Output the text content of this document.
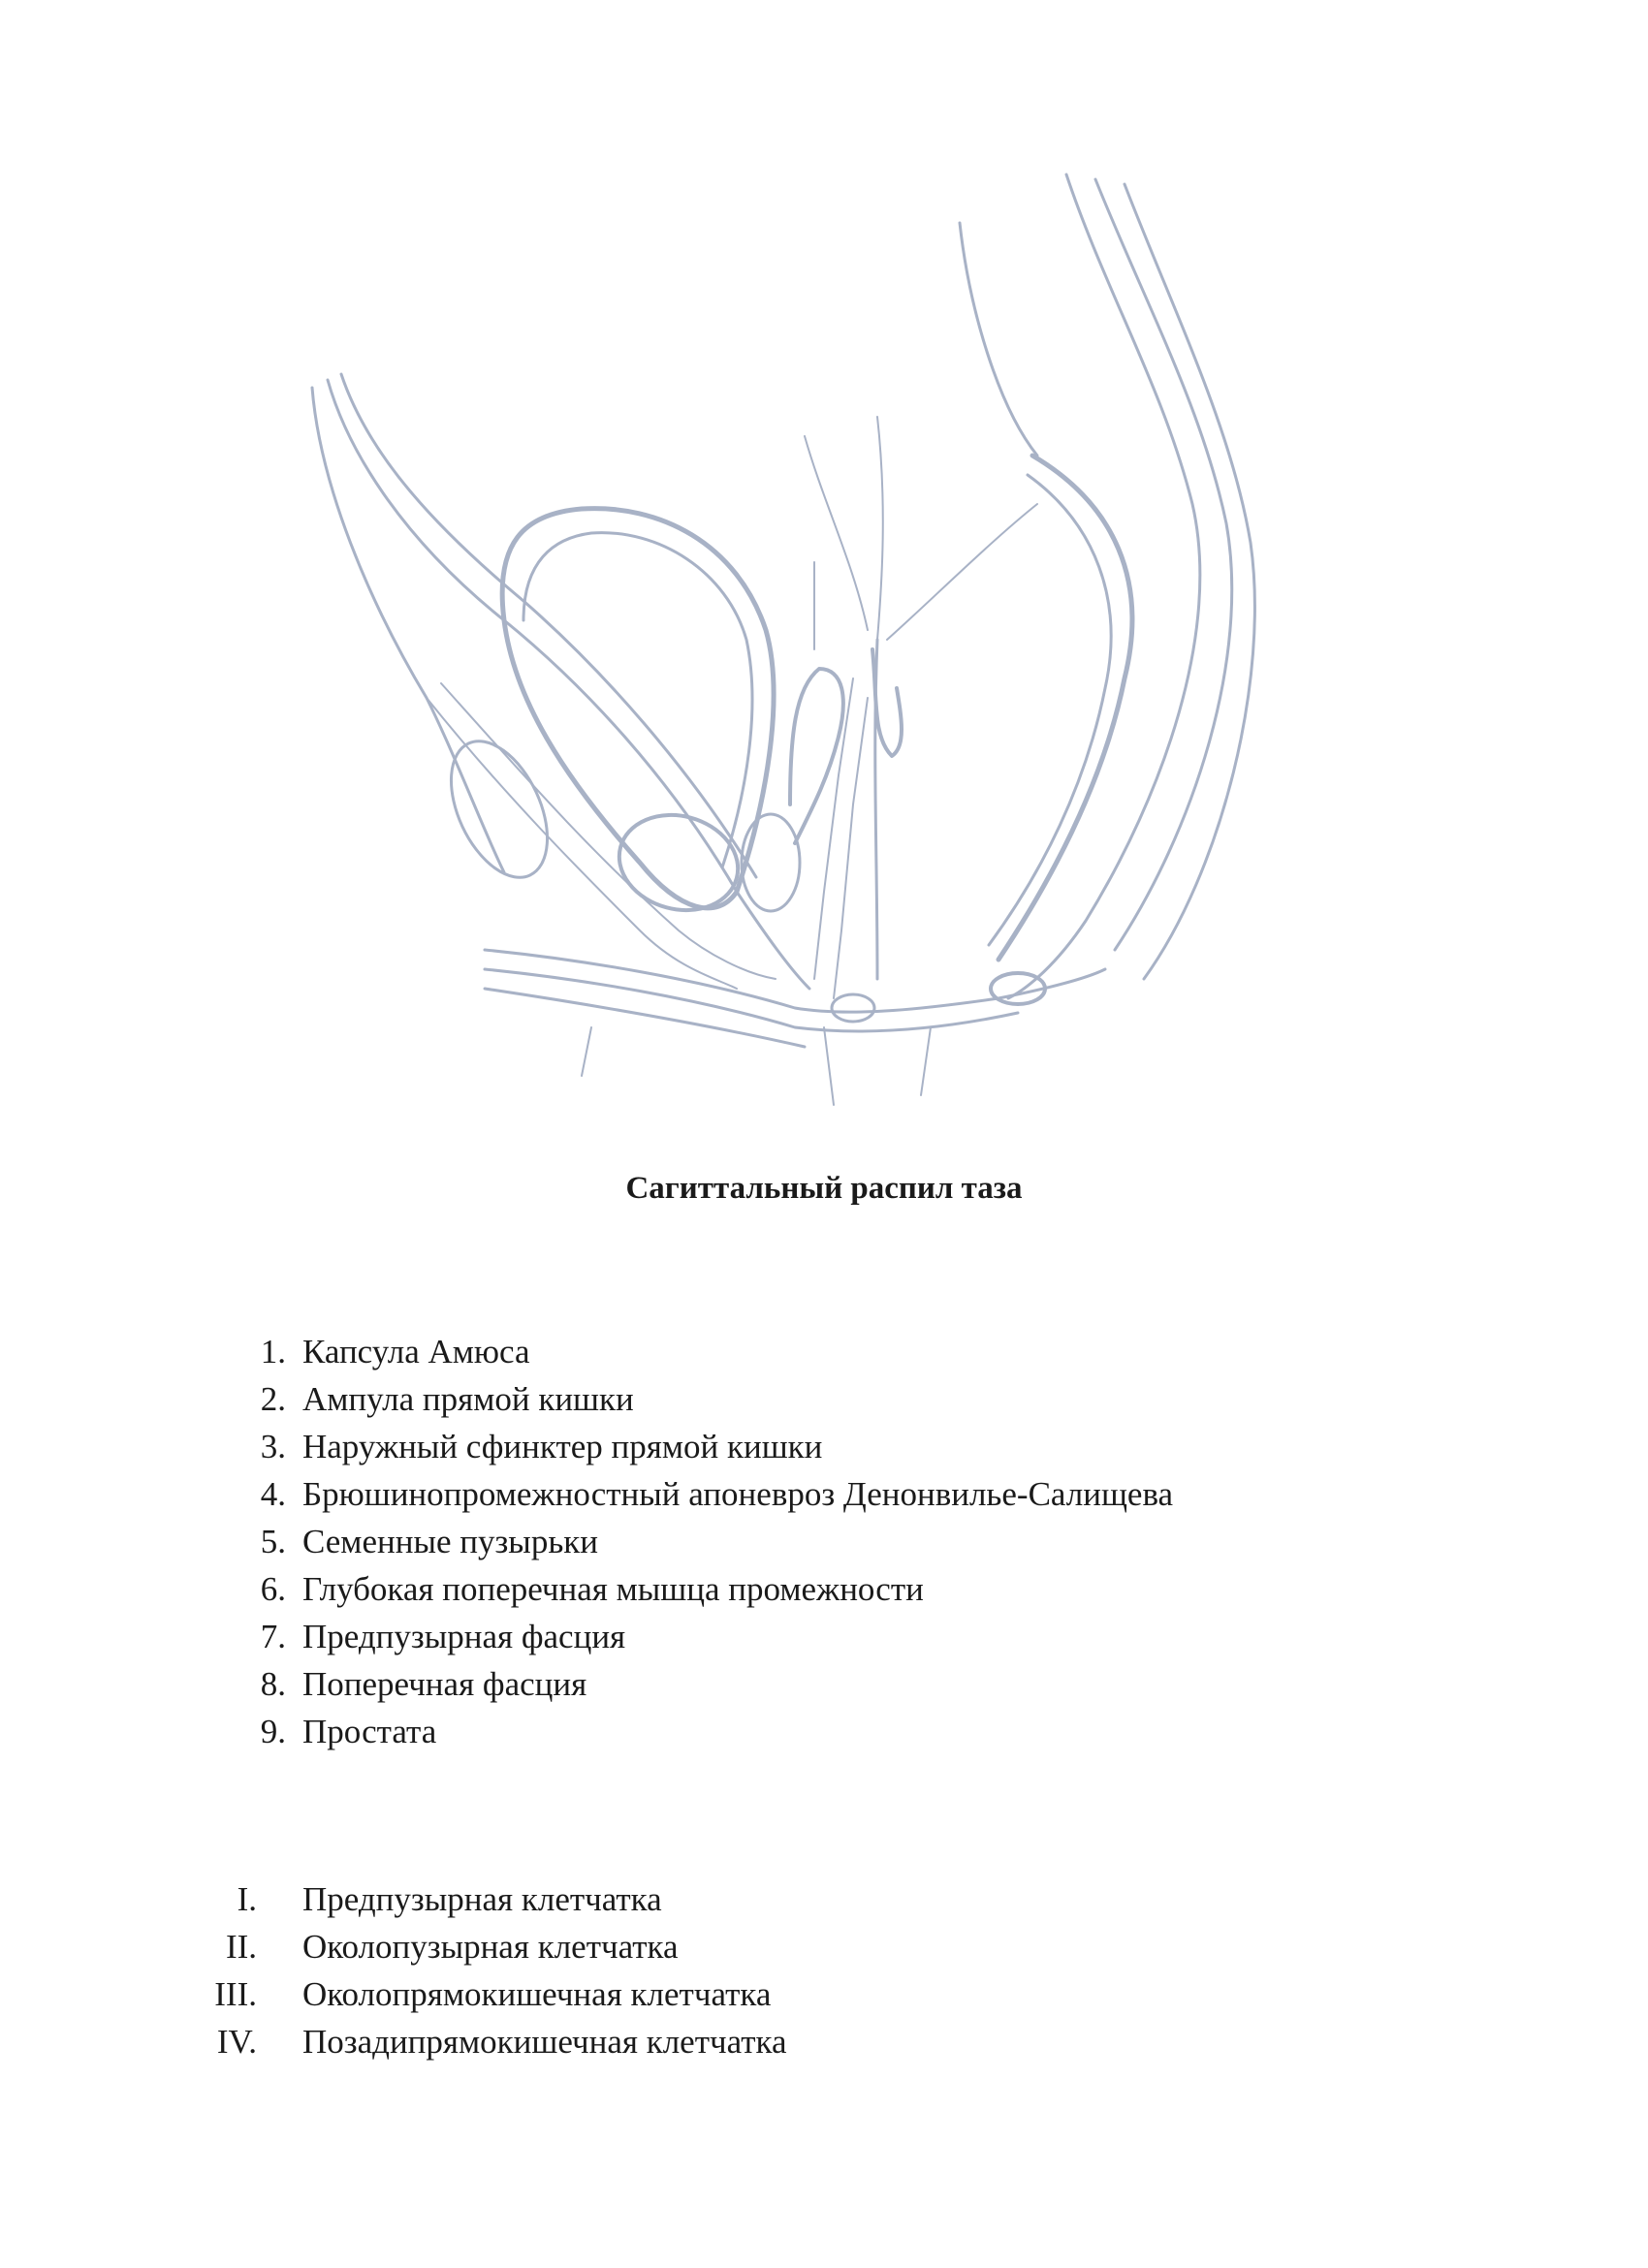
Сагиттальный распил таза
1. Капсула Амюса
2. Ампула прямой кишки
3. Наружный сфинктер прямой кишки
4. Брюшинопромежностный апоневроз Денонвилье-Салищева
5. Семенные пузырьки
6. Глубокая поперечная мышца промежности
7. Предпузырная фасция
8. Поперечная фасция
9. Простата
I. Предпузырная клетчатка
II. Околопузырная клетчатка
III. Околопрямокишечная клетчатка
IV. Позадипрямокишечная клетчатка
